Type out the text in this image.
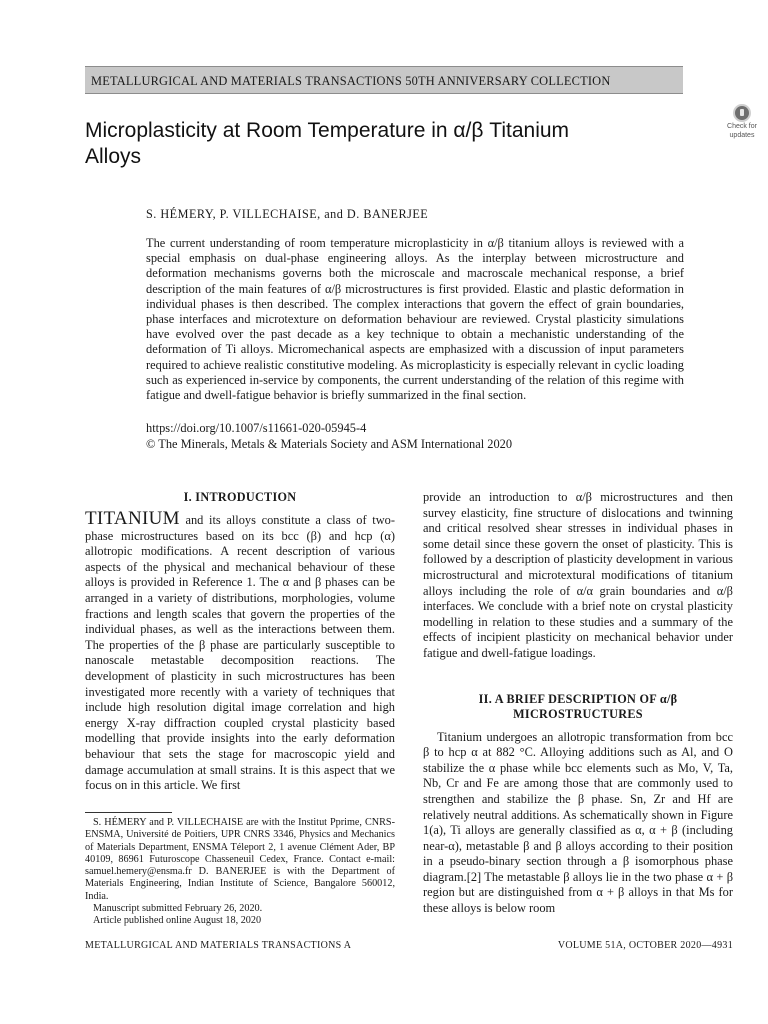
METALLURGICAL AND MATERIALS TRANSACTIONS 50TH ANNIVERSARY COLLECTION
Microplasticity at Room Temperature in α/β Titanium
Alloys
Check for
updates
S. HÉMERY, P. VILLECHAISE, and D. BANERJEE
The current understanding of room temperature microplasticity in α/β titanium alloys is reviewed with a special emphasis on dual-phase engineering alloys. As the interplay between microstructure and deformation mechanisms governs both the microscale and macroscale mechanical response, a brief description of the main features of α/β microstructures is first provided. Elastic and plastic deformation in individual phases is then described. The complex interactions that govern the effect of grain boundaries, phase interfaces and microtexture on deformation behaviour are reviewed. Crystal plasticity simulations have evolved over the past decade as a key technique to obtain a mechanistic understanding of the deformation of Ti alloys. Micromechanical aspects are emphasized with a discussion of input parameters required to achieve realistic constitutive modeling. As microplasticity is especially relevant in cyclic loading such as experienced in-service by components, the current understanding of the relation of this regime with fatigue and dwell-fatigue behavior is briefly summarized in the final section.
https://doi.org/10.1007/s11661-020-05945-4
© The Minerals, Metals & Materials Society and ASM International 2020
I. INTRODUCTION

TITANIUM and its alloys constitute a class of two-phase microstructures based on its bcc (β) and hcp (α) allotropic modifications. A recent description of various aspects of the physical and mechanical behaviour of these alloys is provided in Reference 1. The α and β phases can be arranged in a variety of distributions, morphologies, volume fractions and length scales that govern the properties of the individual phases, as well as the interactions between them. The properties of the β phase are particularly susceptible to nanoscale metastable decomposition reactions. The development of plasticity in such microstructures has been investigated more recently with a variety of techniques that include high resolution digital image correlation and high energy X-ray diffraction coupled crystal plasticity based modelling that provide insights into the early deformation behaviour that sets the stage for macroscopic yield and damage accumulation at small strains. It is this aspect that we focus on in this article. We first

provide an introduction to α/β microstructures and then survey elasticity, fine structure of dislocations and twinning and critical resolved shear stresses in individual phases in some detail since these govern the onset of plasticity. This is followed by a description of plasticity development in various microstructural and microtextural modifications of titanium alloys including the role of α/α grain boundaries and α/β interfaces. We conclude with a brief note on crystal plasticity modelling in relation to these studies and a summary of the effects of incipient plasticity on mechanical behavior under fatigue and dwell-fatigue loadings.

II. A BRIEF DESCRIPTION OF α/β
MICROSTRUCTURES

Titanium undergoes an allotropic transformation from bcc β to hcp α at 882 °C. Alloying additions such as Al, and O stabilize the α phase while bcc elements such as Mo, V, Ta, Nb, Cr and Fe are among those that are commonly used to strengthen and stabilize the β phase. Sn, Zr and Hf are relatively neutral additions. As schematically shown in Figure 1(a), Ti alloys are generally classified as α, α + β (including near-α), metastable β and β alloys according to their position in a pseudo-binary section through a β isomorphous phase diagram.[2] The metastable β alloys lie in the two phase α + β region but are distinguished from α + β alloys in that Ms for these alloys is below room

S. HÉMERY and P. VILLECHAISE are with the Institut Pprime, CNRS-ENSMA, Université de Poitiers, UPR CNRS 3346, Physics and Mechanics of Materials Department, ENSMA Téleport 2, 1 avenue Clément Ader, BP 40109, 86961 Futuroscope Chasseneuil Cedex, France. Contact e-mail: samuel.hemery@ensma.fr D. BANERJEE is with the Department of Materials Engineering, Indian Institute of Science, Bangalore 560012, India.

Manuscript submitted February 26, 2020.

Article published online August 18, 2020

METALLURGICAL AND MATERIALS TRANSACTIONS A	VOLUME 51A, OCTOBER 2020—4931
